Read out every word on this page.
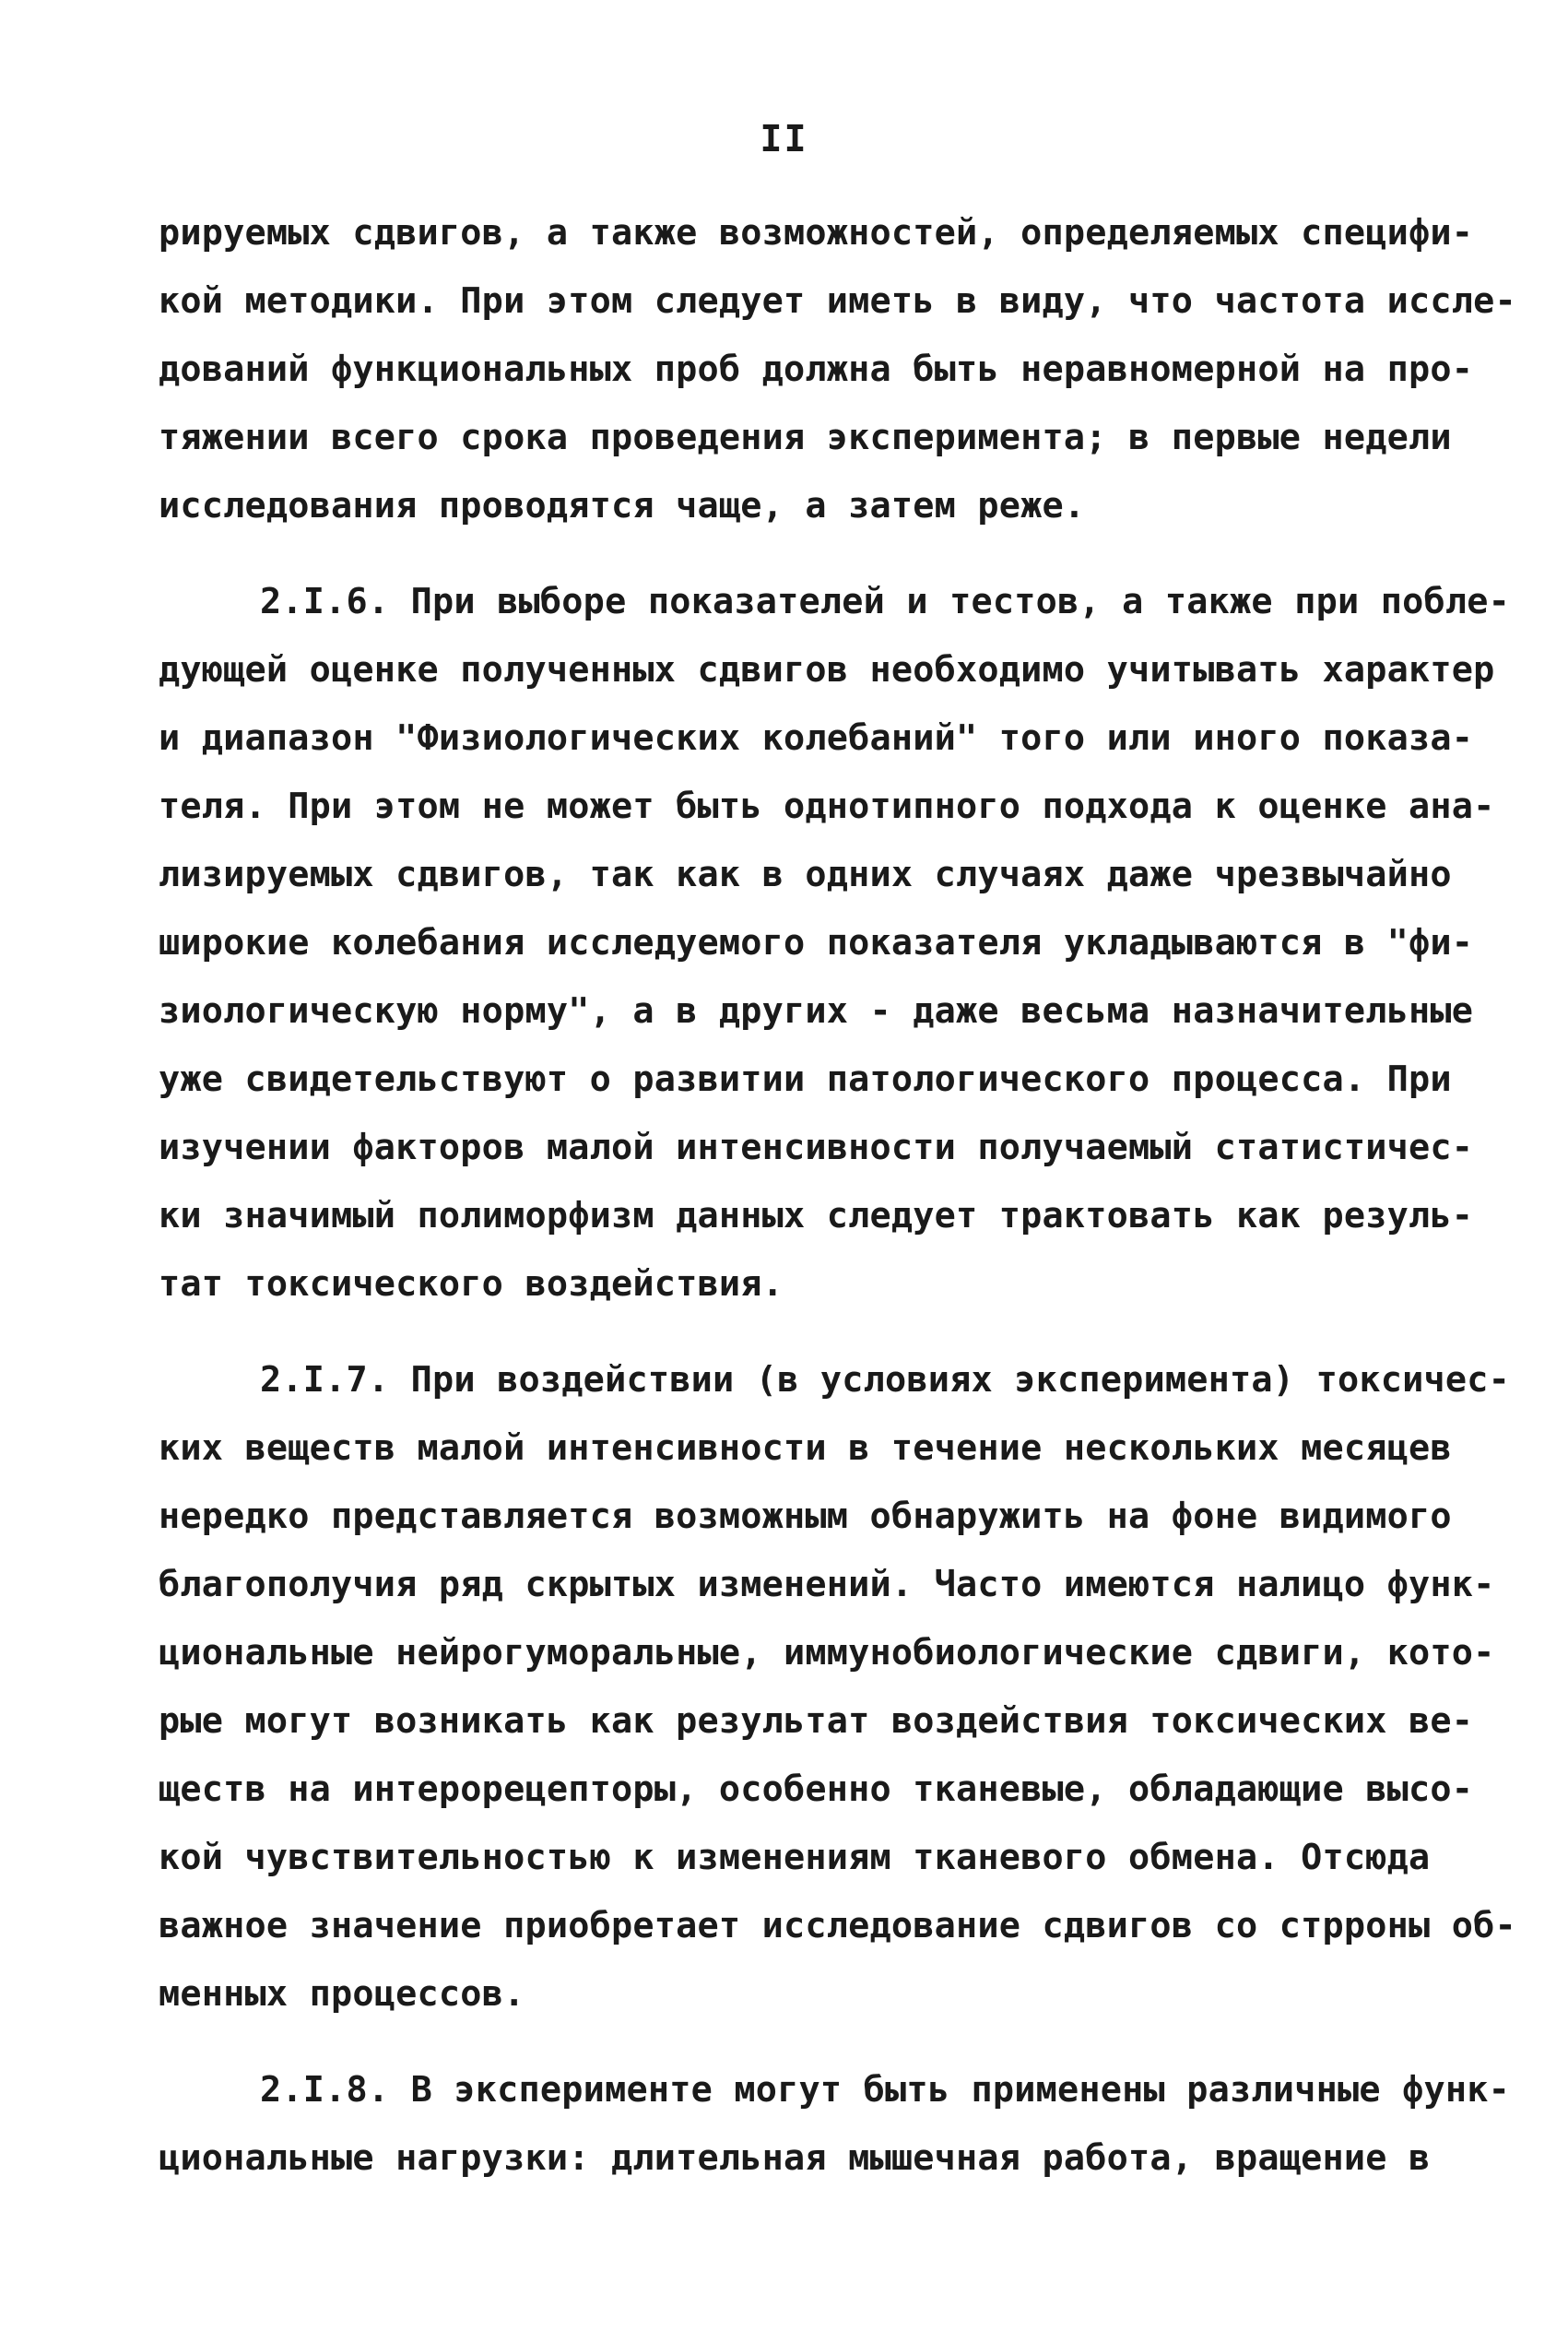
II
рируемых сдвигов, а также возможностей, определяемых специфи-
кой методики. При этом следует иметь в виду, что частота иссле-
дований функциональных проб должна быть неравномерной на про-
тяжении всего срока проведения эксперимента; в первые недели
исследования проводятся чаще, а затем реже.
2.I.6. При выборе показателей и тестов, а также при побле-
дующей оценке полученных сдвигов необходимо учитывать характер
и диапазон "Физиологических колебаний" того или иного показа-
теля. При этом не может быть однотипного подхода к оценке ана-
лизируемых сдвигов, так как в одних случаях даже чрезвычайно
широкие колебания исследуемого показателя укладываются в "фи-
зиологическую норму", а в других - даже весьма назначительные
уже свидетельствуют о развитии патологического процесса. При
изучении факторов малой интенсивности получаемый статистичес-
ки значимый полиморфизм данных следует трактовать как резуль-
тат токсического воздействия.
2.I.7. При воздействии (в условиях эксперимента) токсичес-
ких веществ малой интенсивности в течение нескольких месяцев
нередко представляется возможным обнаружить на фоне видимого
благополучия ряд скрытых изменений. Часто имеются налицо функ-
циональные нейрогуморальные, иммунобиологические сдвиги, кото-
рые могут возникать как результат воздействия токсических ве-
ществ на интерорецепторы, особенно тканевые, обладающие высо-
кой чувствительностью к изменениям тканевого обмена. Отсюда
важное значение приобретает исследование сдвигов со стрроны об-
менных процессов.
2.I.8. В эксперименте могут быть применены различные функ-
циональные нагрузки: длительная мышечная работа, вращение в
